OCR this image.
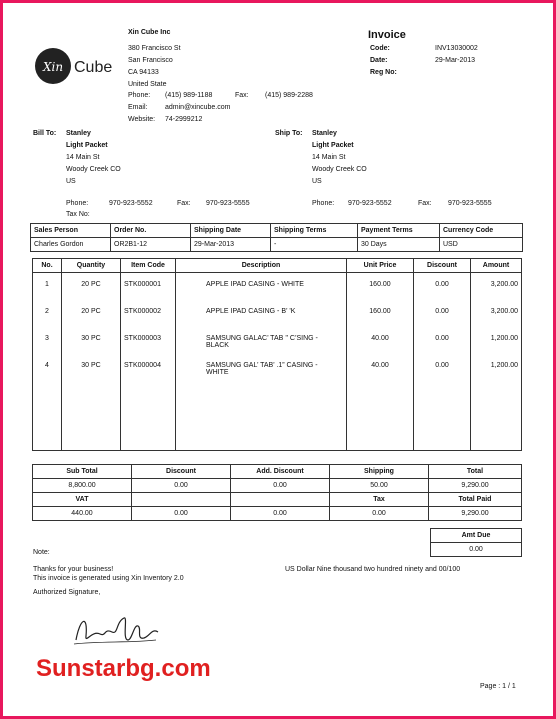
Xin Cube
Xin Cube Inc
380 Francisco St
San Francisco
CA 94133
United State
Phone: (415) 989-1188	Fax: (415) 989-2288
Email:	admin@xincube.com
Website: 74-2999212
Invoice
Code:	INV13030002
Date:	29-Mar-2013
Reg No:
Bill To: Stanley
Light Packet
14 Main St
Woody Creek CO
US
Phone:	970-923-5552	Fax: 970-923-5555
Tax No:
Ship To: Stanley
Light Packet
14 Main St
Woody Creek CO
US
Phone: 970-923-5552	Fax: 970-923-5555
Sales Person	Order No.	Shipping Date	Shipping Terms	Payment Terms	Currency Code
Charles Gordon	OR2B1-12	29-Mar-2013	-	30 Days	USD
No.	Quantity	Item Code	Description	Unit Price	Discount	Amount
1	20 PC	STK000001	APPLE IPAD CASING - WHITE	160.00	0.00	3,200.00
2	20 PC	STK000002	APPLE IPAD CASING - B’ ’K	160.00	0.00	3,200.00
3	30 PC	STK000003	SAMSUNG GALAC’ TAB ’’ C’SING - BLACK	40.00	0.00	1,200.00
4	30 PC	STK000004	SAMSUNG GAL’ TAB’ .1” CASING - WHITE	40.00	0.00	1,200.00
Sub Total	Discount	Add. Discount	Shipping	Total
8,800.00	0.00	0.00	50.00	9,290.00
VAT			Tax	Total Paid
440.00	0.00	0.00	0.00	9,290.00
Amt Due
0.00
Note:
Thanks for your business!
This invoice is generated using Xin Inventory 2.0
Authorized Signature,
US Dollar Nine thousand two hundred ninety and 00/100
Sunstarbg.com
Page : 1 / 1
